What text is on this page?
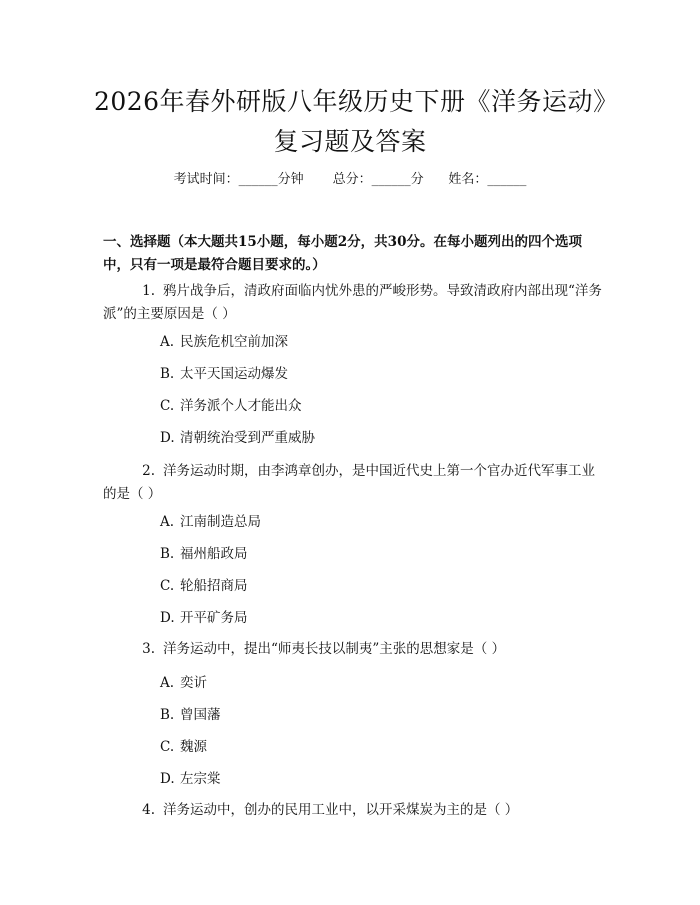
2026年春外研版八年级历史下册《洋务运动》复习题及答案
考试时间：______分钟 总分：______分 姓名：______
一、选择题（本大题共15小题，每小题2分，共30分。在每小题列出的四个选项中，只有一项是最符合题目要求的。）
1. 鸦片战争后，清政府面临内忧外患的严峻形势。导致清政府内部出现“洋务派”的主要原因是（ ）
A. 民族危机空前加深
B. 太平天国运动爆发
C. 洋务派个人才能出众
D. 清朝统治受到严重威胁
2. 洋务运动时期，由李鸿章创办，是中国近代史上第一个官办近代军事工业的是（ ）
A. 江南制造总局
B. 福州船政局
C. 轮船招商局
D. 开平矿务局
3. 洋务运动中，提出“师夷长技以制夷”主张的思想家是（ ）
A. 奕䜣
B. 曾国藩
C. 魏源
D. 左宗棠
4. 洋务运动中，创办的民用工业中，以开采煤炭为主的是（ ）
